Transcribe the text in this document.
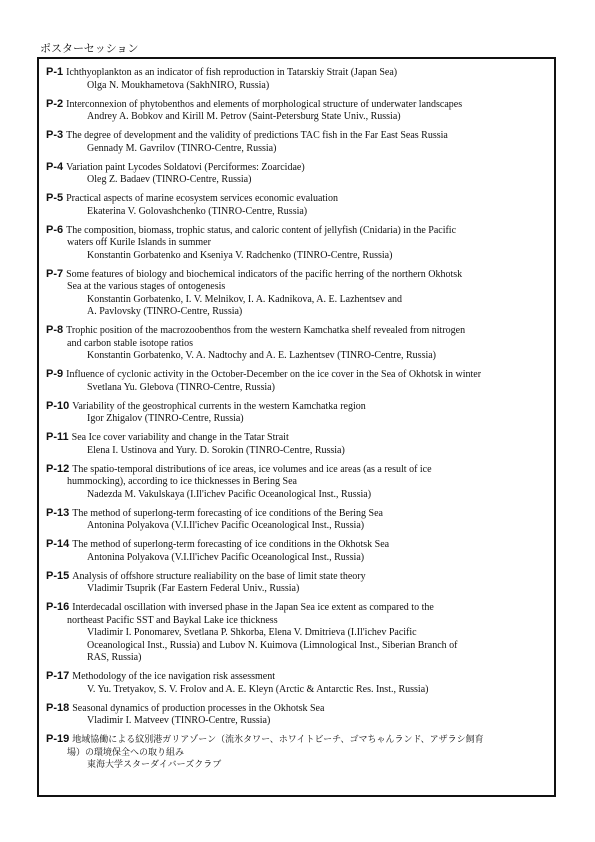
ポスターセッション
P-1 Ichthyoplankton as an indicator of fish reproduction in Tatarskiy Strait (Japan Sea)
Olga N. Moukhametova (SakhNIRO, Russia)
P-2 Interconnexion of phytobenthos and elements of morphological structure of underwater landscapes
Andrey A. Bobkov and Kirill M. Petrov (Saint-Petersburg State Univ., Russia)
P-3 The degree of development and the validity of predictions TAC fish in the Far East Seas Russia
Gennady M. Gavrilov (TINRO-Centre, Russia)
P-4 Variation paint Lycodes Soldatovi (Perciformes: Zoarcidae)
Oleg Z. Badaev (TINRO-Centre, Russia)
P-5 Practical aspects of marine ecosystem services economic evaluation
Ekaterina V. Golovashchenko (TINRO-Centre, Russia)
P-6 The composition, biomass, trophic status, and caloric content of jellyfish (Cnidaria) in the Pacific
waters off Kurile Islands in summer
Konstantin Gorbatenko and Kseniya V. Radchenko (TINRO-Centre, Russia)
P-7 Some features of biology and biochemical indicators of the pacific herring of the northern Okhotsk
Sea at the various stages of ontogenesis
Konstantin Gorbatenko, I. V. Melnikov, I. A. Kadnikova, A. E. Lazhentsev and
A. Pavlovsky (TINRO-Centre, Russia)
P-8 Trophic position of the macrozoobenthos from the western Kamchatka shelf revealed from nitrogen
and carbon stable isotope ratios
Konstantin Gorbatenko, V. A. Nadtochy and A. E. Lazhentsev (TINRO-Centre, Russia)
P-9 Influence of cyclonic activity in the October-December on the ice cover in the Sea of Okhotsk in winter
Svetlana Yu. Glebova (TINRO-Centre, Russia)
P-10 Variability of the geostrophical currents in the western Kamchatka region
Igor Zhigalov (TINRO-Centre, Russia)
P-11 Sea Ice cover variability and change in the Tatar Strait
Elena I. Ustinova and Yury. D. Sorokin (TINRO-Centre, Russia)
P-12 The spatio-temporal distributions of ice areas, ice volumes and ice areas (as a result of ice
hummocking), according to ice thicknesses in Bering Sea
Nadezda M. Vakulskaya (I.Il'ichev Pacific Oceanological Inst., Russia)
P-13 The method of superlong-term forecasting of ice conditions of the Bering Sea
Antonina Polyakova (V.I.Il'ichev Pacific Oceanological Inst., Russia)
P-14 The method of superlong-term forecasting of ice conditions in the Okhotsk Sea
Antonina Polyakova (V.I.Il'ichev Pacific Oceanological Inst., Russia)
P-15 Analysis of offshore structure realiability on the base of limit state theory
Vladimir Tsuprik (Far Eastern Federal Univ., Russia)
P-16 Interdecadal oscillation with inversed phase in the Japan Sea ice extent as compared to the
northeast Pacific SST and Baykal Lake ice thickness
Vladimir I. Ponomarev, Svetlana P. Shkorba, Elena V. Dmitrieva (I.Il'ichev Pacific
Oceanological Inst., Russia) and Lubov N. Kuimova (Limnological Inst., Siberian Branch of
RAS, Russia)
P-17 Methodology of the ice navigation risk assessment
V. Yu. Tretyakov, S. V. Frolov and A. E. Kleyn (Arctic & Antarctic Res. Inst., Russia)
P-18 Seasonal dynamics of production processes in the Okhotsk Sea
Vladimir I. Matveev (TINRO-Centre, Russia)
P-19 地域協働による紋別港ガリアゾーン（流氷タワー、ホワイトビーチ、ゴマちゃんランド、アザラシ飼育
場）の環境保全への取り組み
東海大学スターダイバーズクラブ
